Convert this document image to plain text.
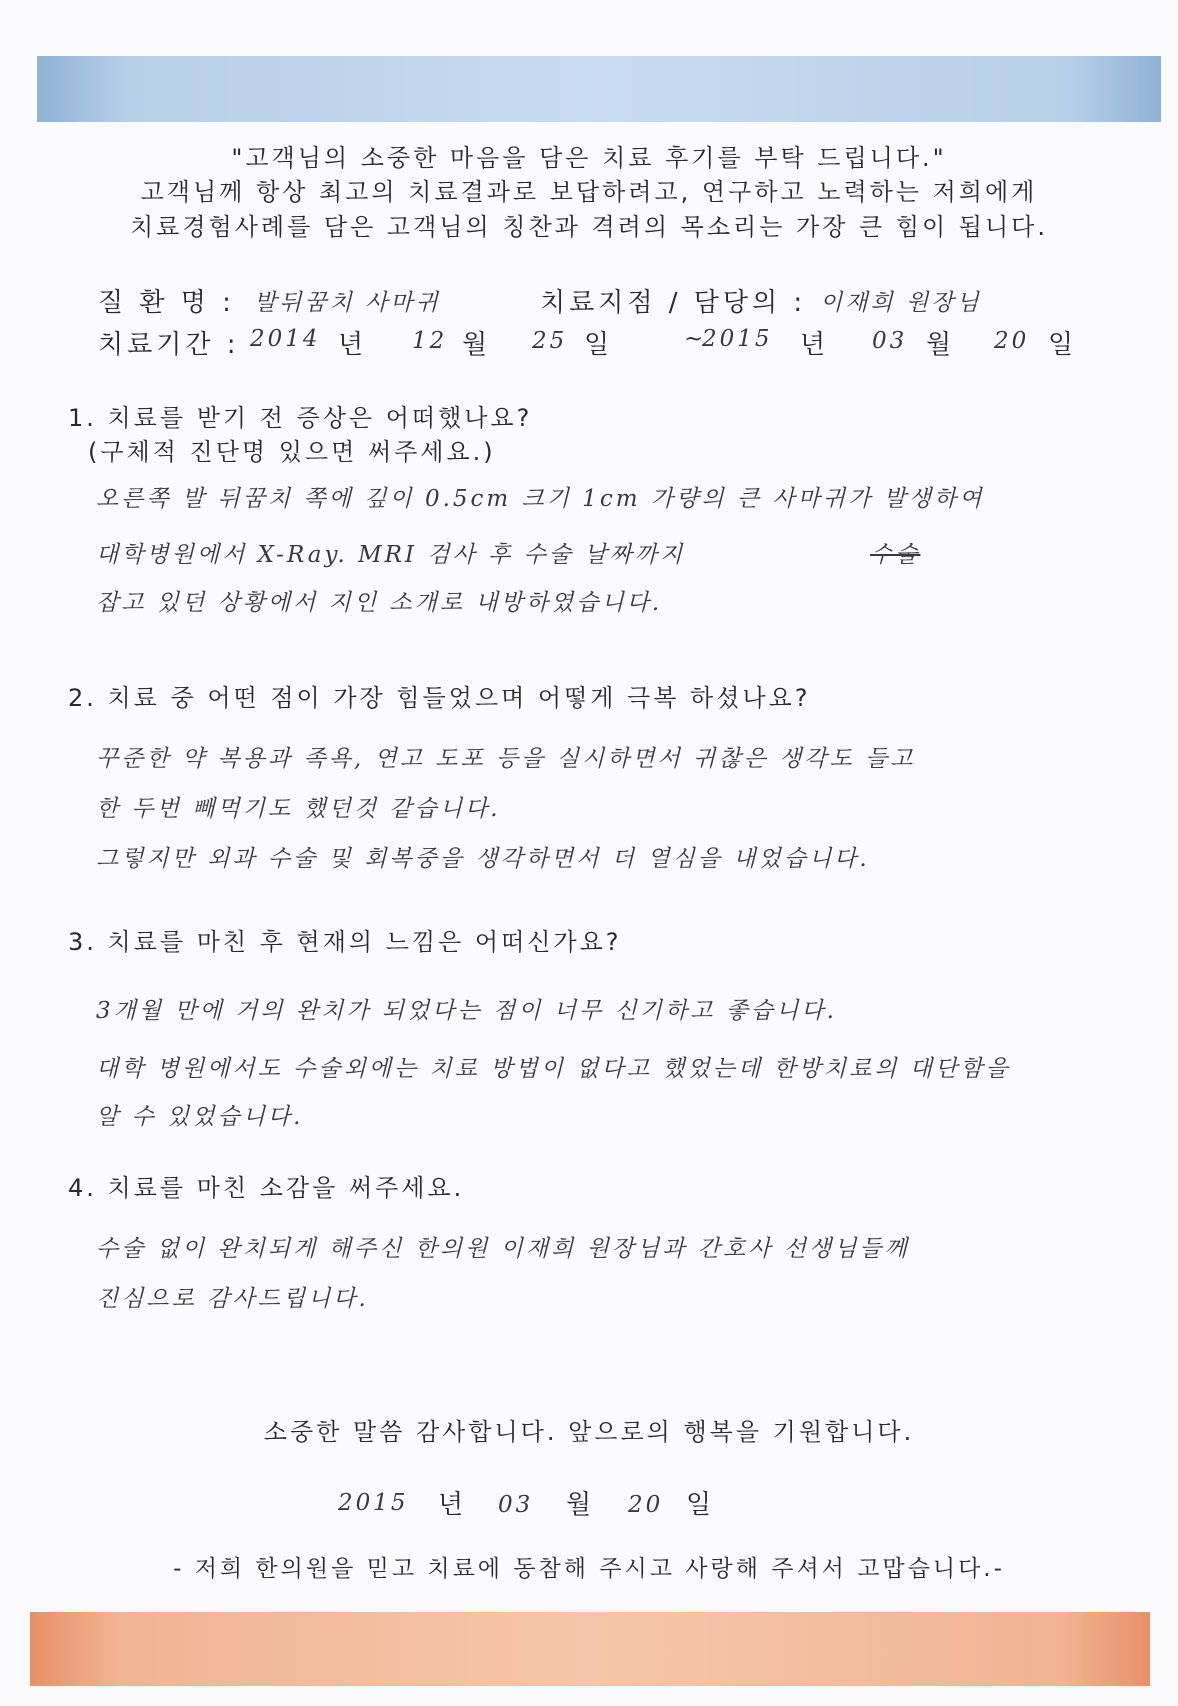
"고객님의 소중한 마음을 담은 치료 후기를 부탁 드립니다."
고객님께 항상 최고의 치료결과로 보답하려고, 연구하고 노력하는 저희에게
치료경험사례를 담은 고객님의 칭찬과 격려의 목소리는 가장 큰 힘이 됩니다.
질 환 명 : 발뒤꿈치 사마귀	치료지점 / 담당의 : 이재희 원장님
치료기간 : 2014 년 12 월 25 일	~
2015 년 03 월 20 일
1. 치료를 받기 전 증상은 어떠했나요?
(구체적 진단명 있으면 써주세요.)
오른쪽 발 뒤꿈치 쪽에 깊이 0.5cm 크기 1cm 가량의 큰 사마귀가 발생하여
대학병원에서 X-Ray. MRI 검사 후 수술 날짜까지	수술
잡고 있던 상황에서 지인 소개로 내방하였습니다.
2. 치료 중 어떤 점이 가장 힘들었으며 어떻게 극복 하셨나요?
꾸준한 약 복용과 족욕, 연고 도포 등을 실시하면서 귀찮은 생각도 들고
한 두번 빼먹기도 했던것 같습니다.
그렇지만 외과 수술 및 회복중을 생각하면서 더 열심을 내었습니다.
3. 치료를 마친 후 현재의 느낌은 어떠신가요?
3개월 만에 거의 완치가 되었다는 점이 너무 신기하고 좋습니다.
대학 병원에서도 수술외에는 치료 방법이 없다고 했었는데 한방치료의 대단함을
알 수 있었습니다.
4. 치료를 마친 소감을 써주세요.
수술 없이 완치되게 해주신 한의원 이재희 원장님과 간호사 선생님들께
진심으로 감사드립니다.
소중한 말씀 감사합니다. 앞으로의 행복을 기원합니다.
2015 년 03 월 20 일
- 저희 한의원을 믿고 치료에 동참해 주시고 사랑해 주셔서 고맙습니다.-
